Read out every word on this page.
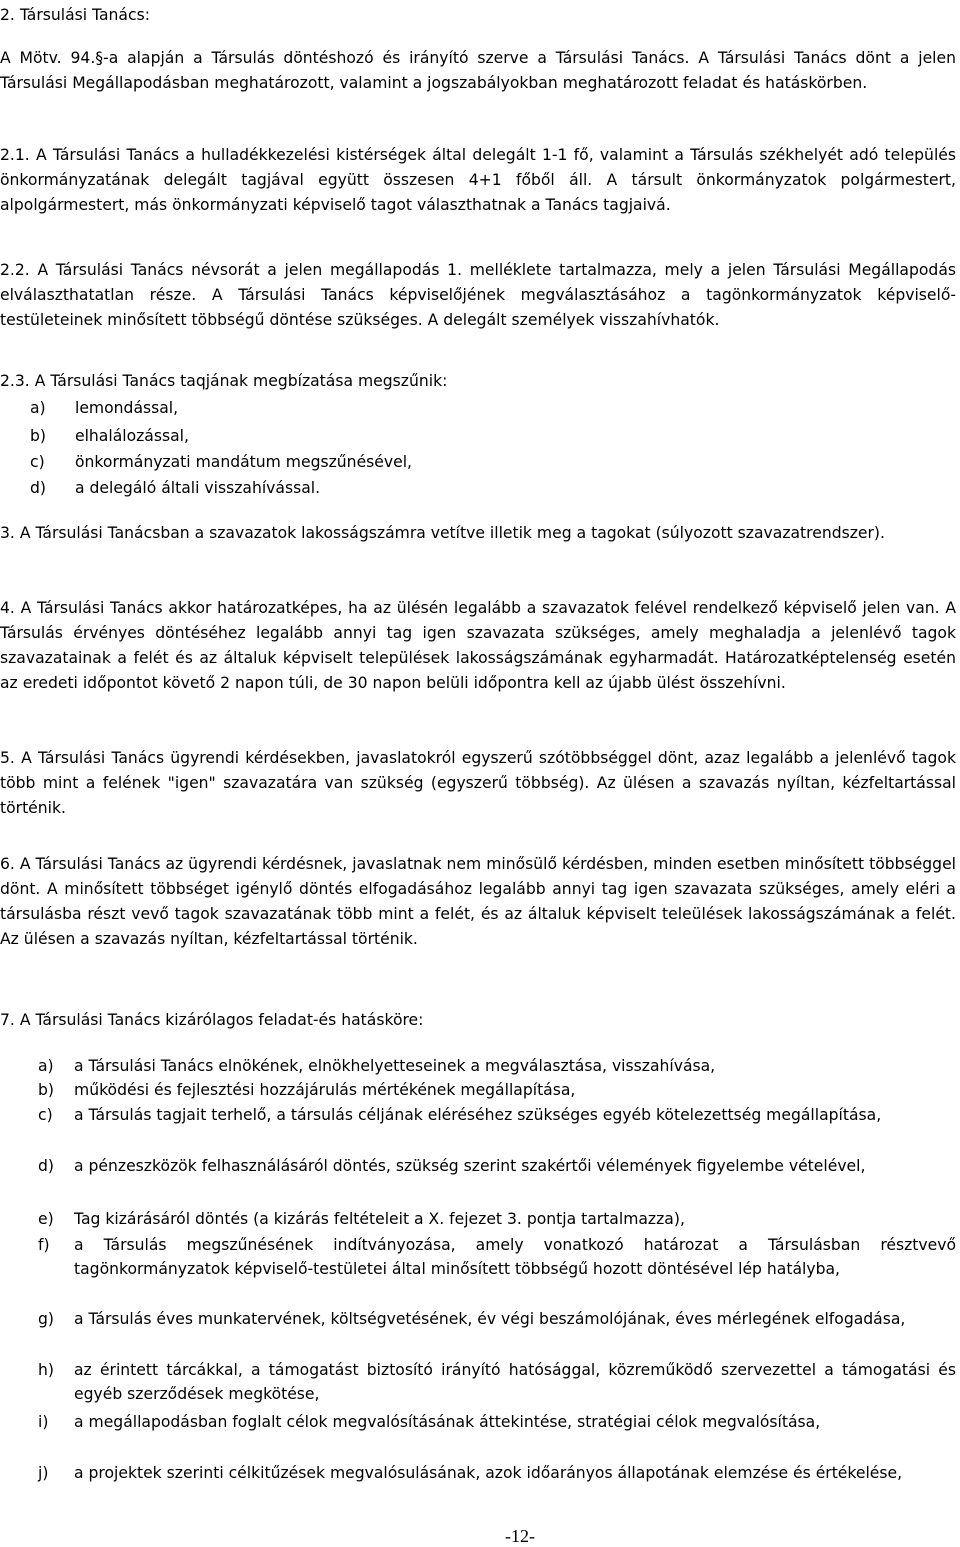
2. Társulási Tanács:

A Mötv. 94.§-a alapján a Társulás döntéshozó és irányító szerve a Társulási Tanács. A Társulási Tanács dönt a jelen Társulási Megállapodásban meghatározott, valamint a jogszabályokban meghatározott feladat és hatáskörben.

2.1. A Társulási Tanács a hulladékkezelési kistérségek által delegált 1-1 fő, valamint a Társulás székhelyét adó település önkormányzatának delegált tagjával együtt összesen 4+1 főből áll. A társult önkormányzatok polgármestert, alpolgármestert, más önkormányzati képviselő tagot választhatnak a Tanács tagjaivá.

2.2. A Társulási Tanács névsorát a jelen megállapodás 1. melléklete tartalmazza, mely a jelen Társulási Megállapodás elválaszthatatlan része. A Társulási Tanács képviselőjének megválasztásához a tagönkormányzatok képviselő-testületeinek minősített többségű döntése szükséges. A delegált személyek visszahívhatók.

2.3. A Társulási Tanács taqjának megbízatása megszűnik:

a) lemondással,
b) elhalálozással,
c) önkormányzati mandátum megszűnésével,
d) a delegáló általi visszahívással.

3. A Társulási Tanácsban a szavazatok lakosságszámra vetítve illetik meg a tagokat (súlyozott szavazatrendszer).

4. A Társulási Tanács akkor határozatképes, ha az ülésén legalább a szavazatok felével rendelkező képviselő jelen van. A Társulás érvényes döntéséhez legalább annyi tag igen szavazata szükséges, amely meghaladja a jelenlévő tagok szavazatainak a felét és az általuk képviselt települések lakosságszámának egyharmadát. Határozatképtelenség esetén az eredeti időpontot követő 2 napon túli, de 30 napon belüli időpontra kell az újabb ülést összehívni.

5. A Társulási Tanács ügyrendi kérdésekben, javaslatokról egyszerű szótöbbséggel dönt, azaz legalább a jelenlévő tagok több mint a felének "igen" szavazatára van szükség (egyszerű többség). Az ülésen a szavazás nyíltan, kézfeltartással történik.

6. A Társulási Tanács az ügyrendi kérdésnek, javaslatnak nem minősülő kérdésben, minden esetben minősített többséggel dönt. A minősített többséget igénylő döntés elfogadásához legalább annyi tag igen szavazata szükséges, amely eléri a társulásba részt vevő tagok szavazatának több mint a felét, és az általuk képviselt teleülések lakosságszámának a felét. Az ülésen a szavazás nyíltan, kézfeltartással történik.

7. A Társulási Tanács kizárólagos feladat-és hatásköre:

a) a Társulási Tanács elnökének, elnökhelyetteseinek a megválasztása, visszahívása,

b) működési és fejlesztési hozzájárulás mértékének megállapítása,

c) a Társulás tagjait terhelő, a társulás céljának eléréséhez szükséges egyéb kötelezettség megállapítása,

d) a pénzeszközök felhasználásáról döntés, szükség szerint szakértői vélemények figyelembe vételével,

e) Tag kizárásáról döntés (a kizárás feltételeit a X. fejezet 3. pontja tartalmazza),

f) a Társulás megszűnésének indítványozása, amely vonatkozó határozat a Társulásban résztvevő tagönkormányzatok képviselő-testületei által minősített többségű hozott döntésével lép hatályba,

g) a Társulás éves munkatervének, költségvetésének, év végi beszámolójának, éves mérlegének elfogadása,

h) az érintett tárcákkal, a támogatást biztosító irányító hatósággal, közreműködő szervezettel a támogatási és egyéb szerződések megkötése,

i) a megállapodásban foglalt célok megvalósításának áttekintése, stratégiai célok megvalósítása,

j) a projektek szerinti célkitűzések megvalósulásának, azok időarányos állapotának elemzése és értékelése,

-12-
